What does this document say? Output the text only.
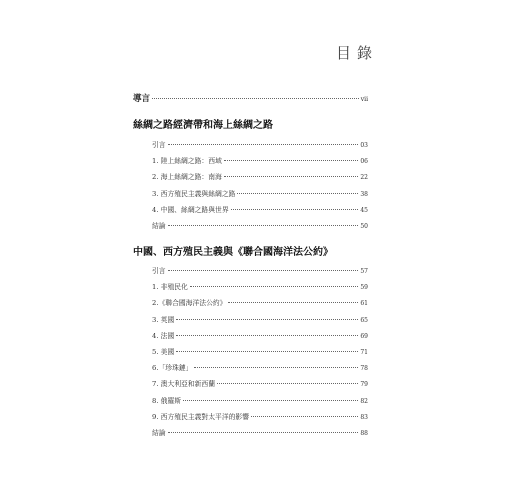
目錄
導言	vii
絲綢之路經濟帶和海上絲綢之路
引言	03
1. 陸上絲綢之路：西域	06
2. 海上絲綢之路：南海	22
3. 西方殖民主義與絲綢之路	38
4. 中國、絲綢之路與世界	45
結論	50
中國、西方殖民主義與《聯合國海洋法公約》
引言	57
1. 非殖民化	59
2.《聯合國海洋法公約》	61
3. 英國	65
4. 法國	69
5. 美國	71
6.「珍珠鏈」	78
7. 澳大利亞和新西蘭	79
8. 俄羅斯	82
9. 西方殖民主義對太平洋的影響	83
結論	88
